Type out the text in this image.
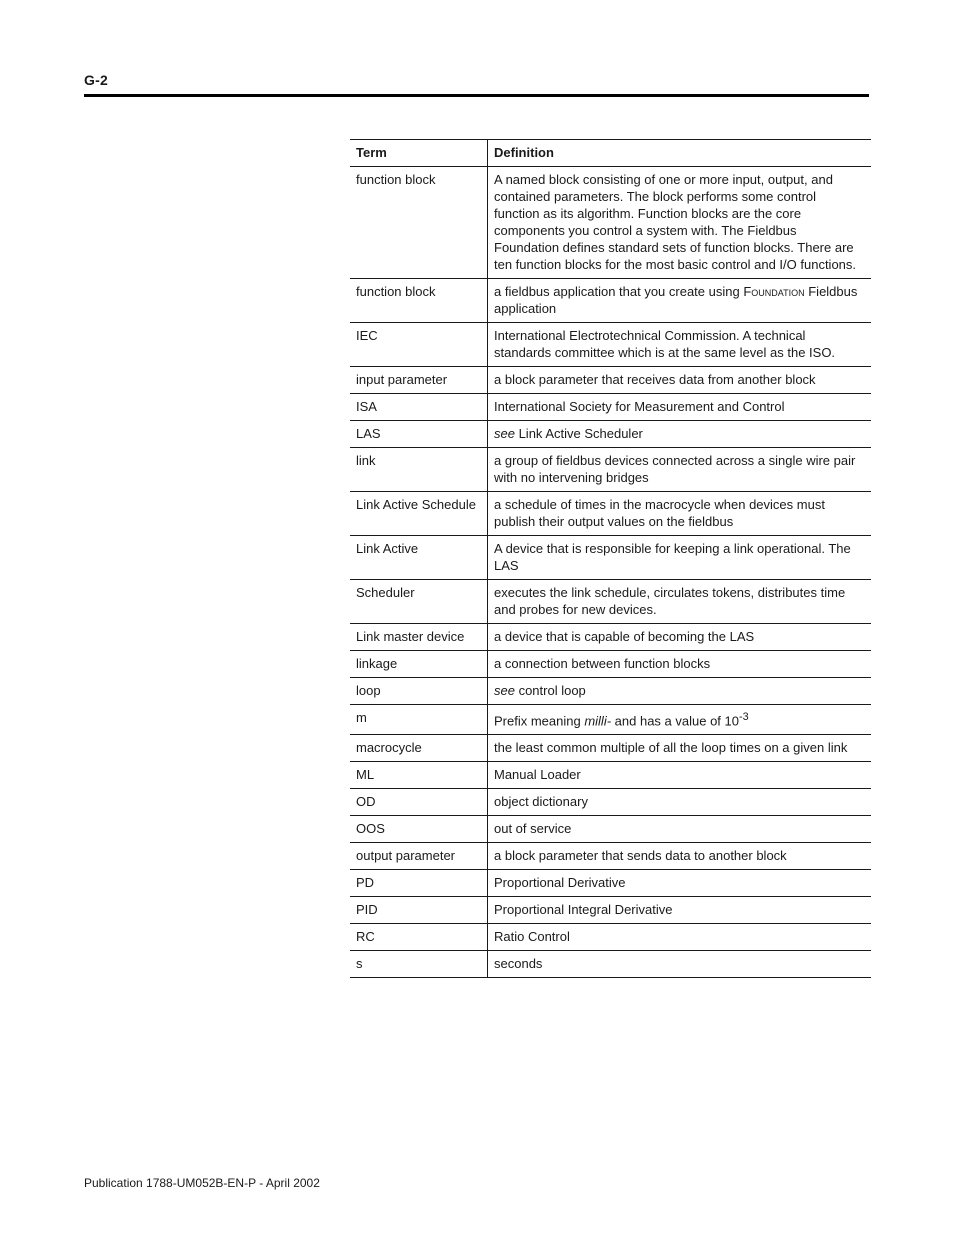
G-2
Term	Definition
function block	A named block consisting of one or more input, output, and contained parameters. The block performs some control function as its algorithm. Function blocks are the core components you control a system with. The Fieldbus Foundation defines standard sets of function blocks. There are ten function blocks for the most basic control and I/O functions.
function block	a fieldbus application that you create using Foundation Fieldbus application
IEC	International Electrotechnical Commission. A technical standards committee which is at the same level as the ISO.
input parameter	a block parameter that receives data from another block
ISA	International Society for Measurement and Control
LAS	see Link Active Scheduler
link	a group of fieldbus devices connected across a single wire pair with no intervening bridges
Link Active Schedule	a schedule of times in the macrocycle when devices must publish their output values on the fieldbus
Link Active	A device that is responsible for keeping a link operational. The LAS
Scheduler	executes the link schedule, circulates tokens, distributes time and probes for new devices.
Link master device	a device that is capable of becoming the LAS
linkage	a connection between function blocks
loop	see control loop
m	Prefix meaning milli- and has a value of $10^{-3}$
macrocycle	the least common multiple of all the loop times on a given link
ML	Manual Loader
OD	object dictionary
OOS	out of service
output parameter	a block parameter that sends data to another block
PD	Proportional Derivative
PID	Proportional Integral Derivative
RC	Ratio Control
s	seconds
Publication 1788-UM052B-EN-P - April 2002
